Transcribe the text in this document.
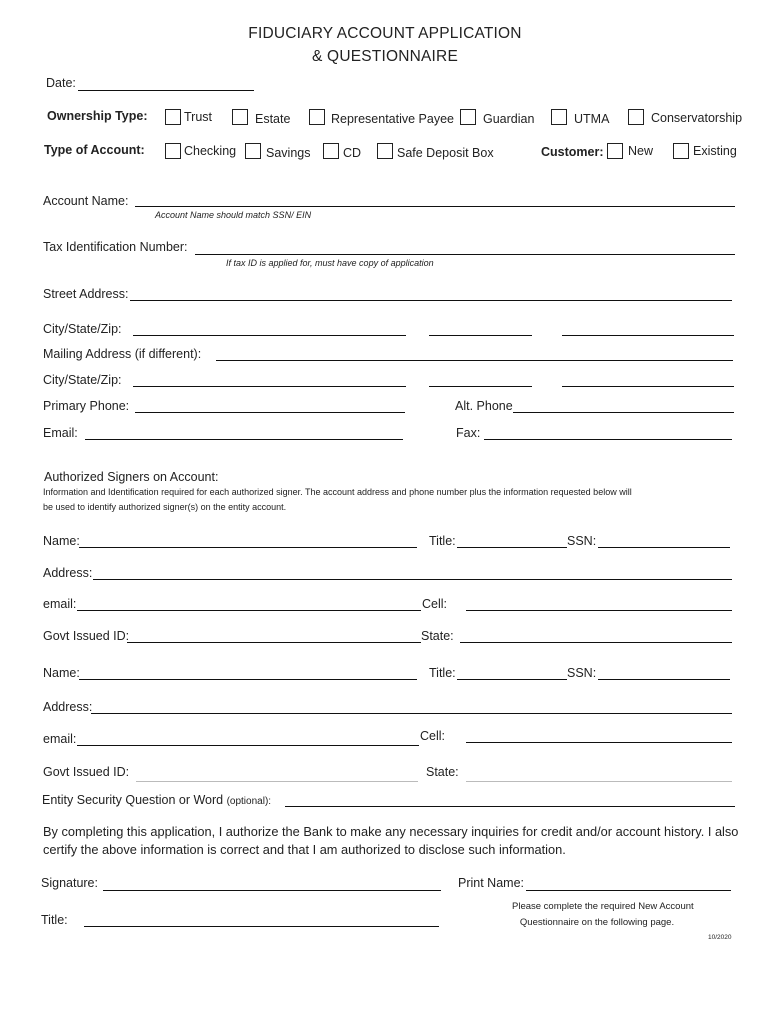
FIDUCIARY ACCOUNT APPLICATION
& QUESTIONNAIRE
Date:
Ownership Type:	Trust	Estate	Representative Payee Guardian	UTMA	Conservatorship
Type of Account:	Checking Savings	CD	Safe Deposit Box	Customer: New	Existing
Account Name:
Account Name should match SSN/ EIN
Tax Identification Number:
If tax ID is applied for, must have copy of application
Street Address:
City/State/Zip:
Mailing Address (if different):
City/State/Zip:
Primary Phone:	Alt. Phone
Email:	Fax:
Authorized Signers on Account:
Information and Identification required for each authorized signer. The account address and phone number plus the information requested below will
be used to identify authorized signer(s) on the entity account.
Name:	Title:	SSN:
Address:
email:	Cell:
Govt Issued ID:	State:
Name:	Title:	SSN:
Address:
email:	Cell:
Govt Issued ID:	State:
Entity Security Question or Word (optional):
By completing this application, I authorize the Bank to make any necessary inquiries for credit and/or account history. I also
certify the above information is correct and that I am authorized to disclose such information.
Signature:	Print Name:
Title:
Please complete the required New Account
Questionnaire on the following page.
10/2020
